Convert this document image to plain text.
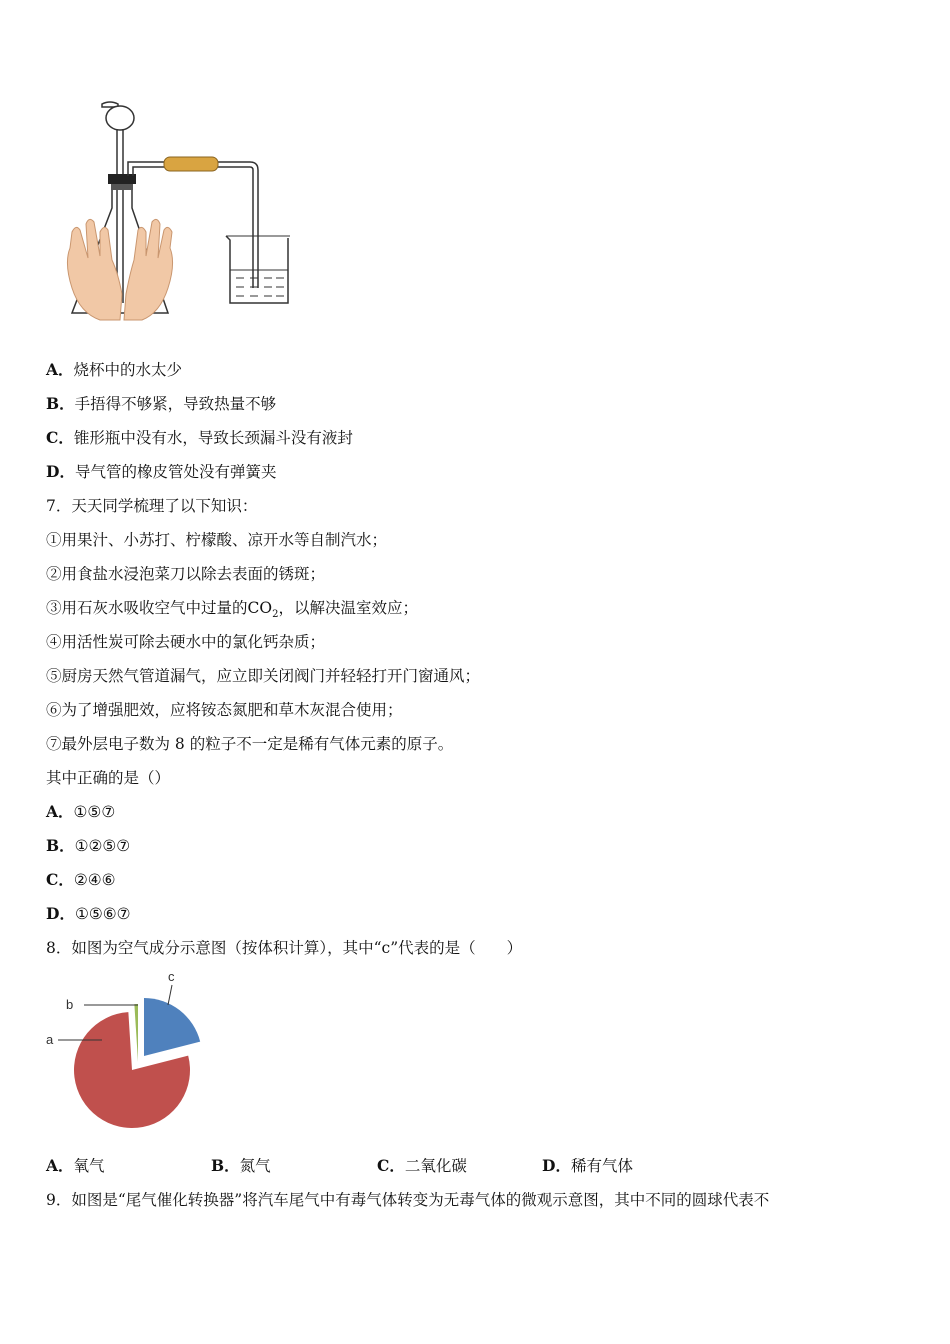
A．烧杯中的水太少
B．手捂得不够紧，导致热量不够
C．锥形瓶中没有水，导致长颈漏斗没有液封
D．导气管的橡皮管处没有弹簧夹
7．天天同学梳理了以下知识：
①用果汁、小苏打、柠檬酸、凉开水等自制汽水；
②用食盐水浸泡菜刀以除去表面的锈斑；
③用石灰水吸收空气中过量的$CO_2$，以解决温室效应；
④用活性炭可除去硬水中的氯化钙杂质；
⑤厨房天然气管道漏气，应立即关闭阀门并轻轻打开门窗通风；
⑥为了增强肥效，应将铵态氮肥和草木灰混合使用；
⑦最外层电子数为 8 的粒子不一定是稀有气体元素的原子。
其中正确的是（）
A．①⑤⑦
B．①②⑤⑦
C．②④⑥
D．①⑤⑥⑦
8．如图为空气成分示意图（按体积计算），其中“c”代表的是（　　）
a
b
c
A．氧气	B．氮气	C．二氧化碳	D．稀有气体
9．如图是“尾气催化转换器”将汽车尾气中有毒气体转变为无毒气体的微观示意图，其中不同的圆球代表不
